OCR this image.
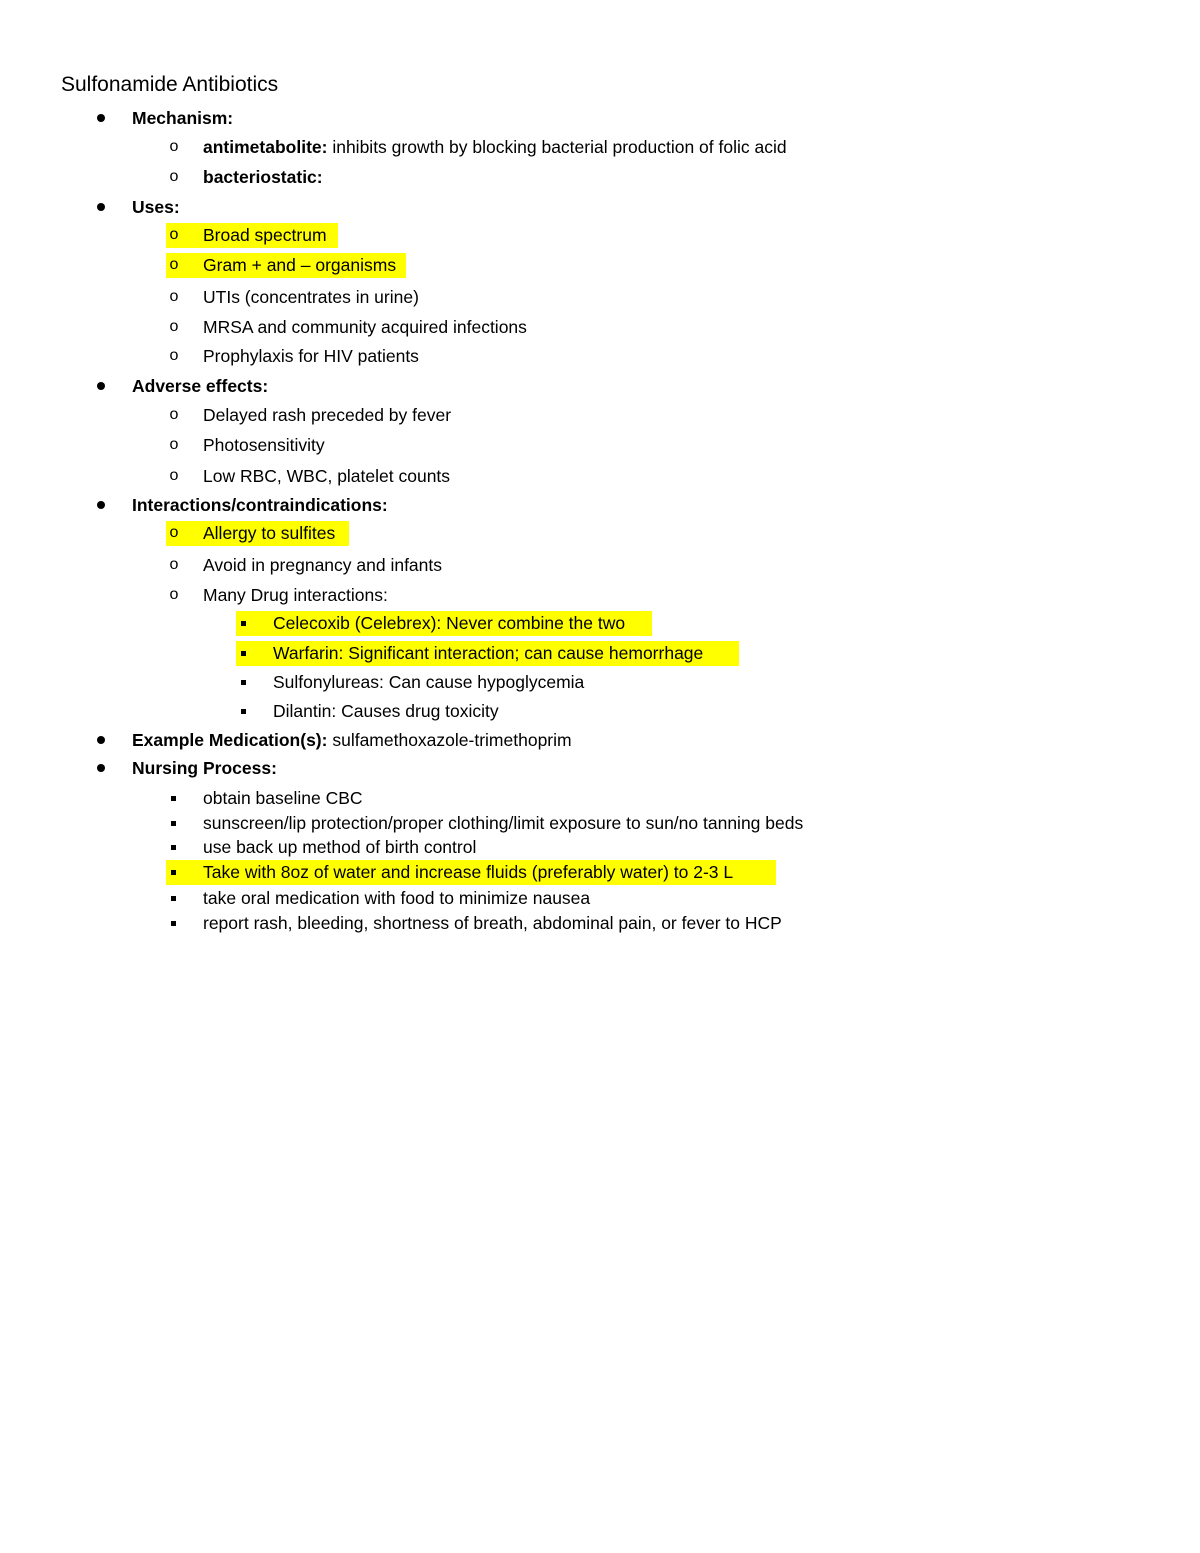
Sulfonamide Antibiotics
Mechanism:
o antimetabolite: inhibits growth by blocking bacterial production of folic acid
o bacteriostatic:
Uses:
o Broad spectrum
o Gram + and – organisms
o UTIs (concentrates in urine)
o MRSA and community acquired infections
o Prophylaxis for HIV patients
Adverse effects:
o Delayed rash preceded by fever
o Photosensitivity
o Low RBC, WBC, platelet counts
Interactions/contraindications:
o Allergy to sulfites
o Avoid in pregnancy and infants
o Many Drug interactions:
Celecoxib (Celebrex): Never combine the two
Warfarin: Significant interaction; can cause hemorrhage
Sulfonylureas: Can cause hypoglycemia
Dilantin: Causes drug toxicity
Example Medication(s): sulfamethoxazole-trimethoprim
Nursing Process:
obtain baseline CBC
sunscreen/lip protection/proper clothing/limit exposure to sun/no tanning beds
use back up method of birth control
Take with 8oz of water and increase fluids (preferably water) to 2-3 L
take oral medication with food to minimize nausea
report rash, bleeding, shortness of breath, abdominal pain, or fever to HCP
